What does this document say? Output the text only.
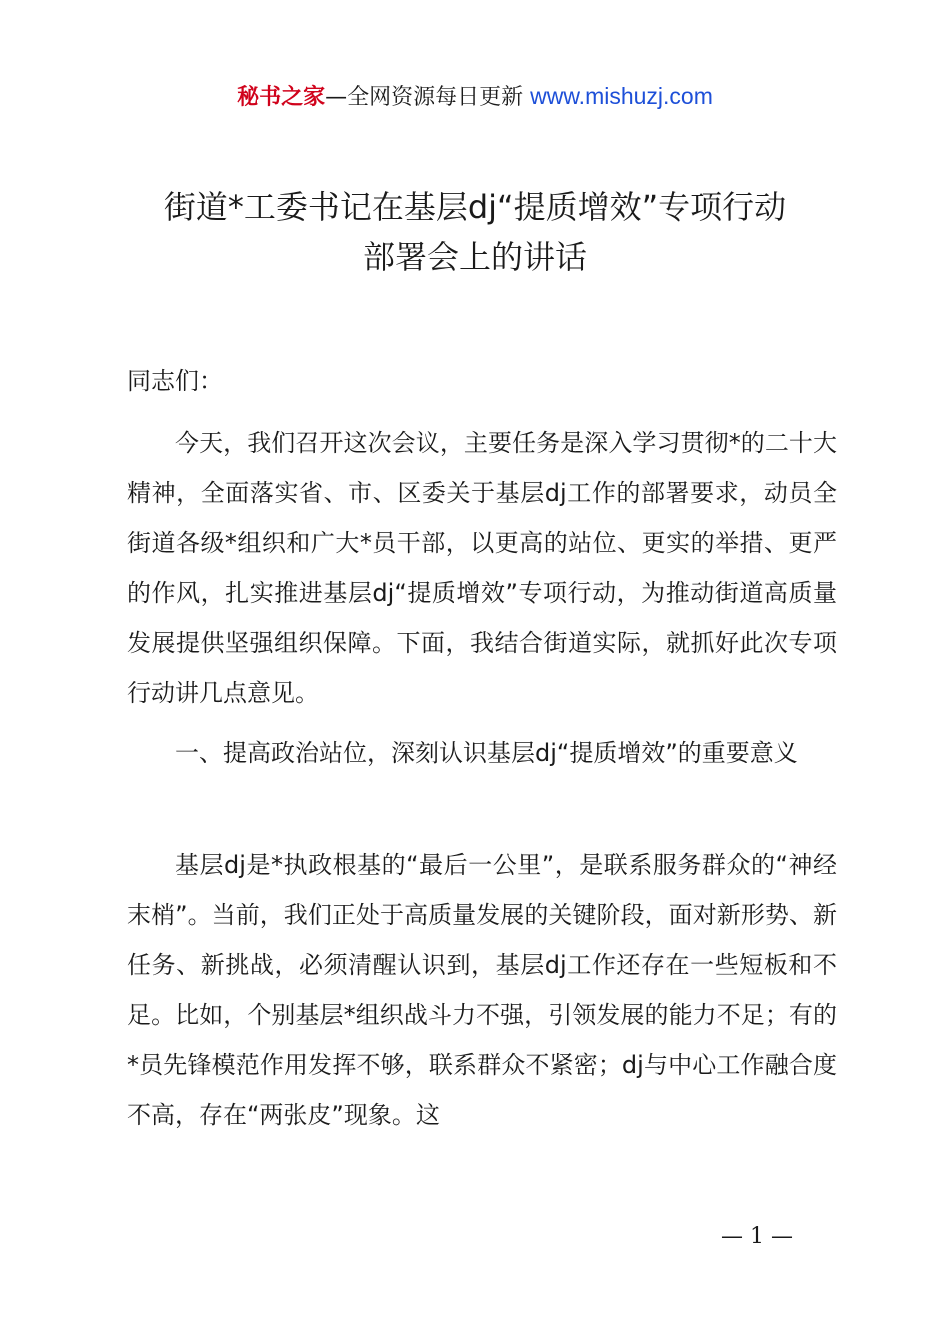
秘书之家—全网资源每日更新 www.mishuzj.com
街道*工委书记在基层dj“提质增效”专项行动
部署会上的讲话

同志们：

今天，我们召开这次会议，主要任务是深入学习贯彻*的二十大精神，全面落实省、市、区委关于基层dj工作的部署要求，动员全街道各级*组织和广大*员干部，以更高的站位、更实的举措、更严的作风，扎实推进基层dj“提质增效”专项行动，为推动街道高质量发展提供坚强组织保障。下面，我结合街道实际，就抓好此次专项行动讲几点意见。

一、提高政治站位，深刻认识基层dj“提质增效”的重要意义

基层dj是*执政根基的“最后一公里”，是联系服务群众的“神经末梢”。当前，我们正处于高质量发展的关键阶段，面对新形势、新任务、新挑战，必须清醒认识到，基层dj工作还存在一些短板和不足。比如，个别基层*组织战斗力不强，引领发展的能力不足；有的*员先锋模范作用发挥不够，联系群众不紧密；dj与中心工作融合度不高，存在“两张皮”现象。这

— 1 —
